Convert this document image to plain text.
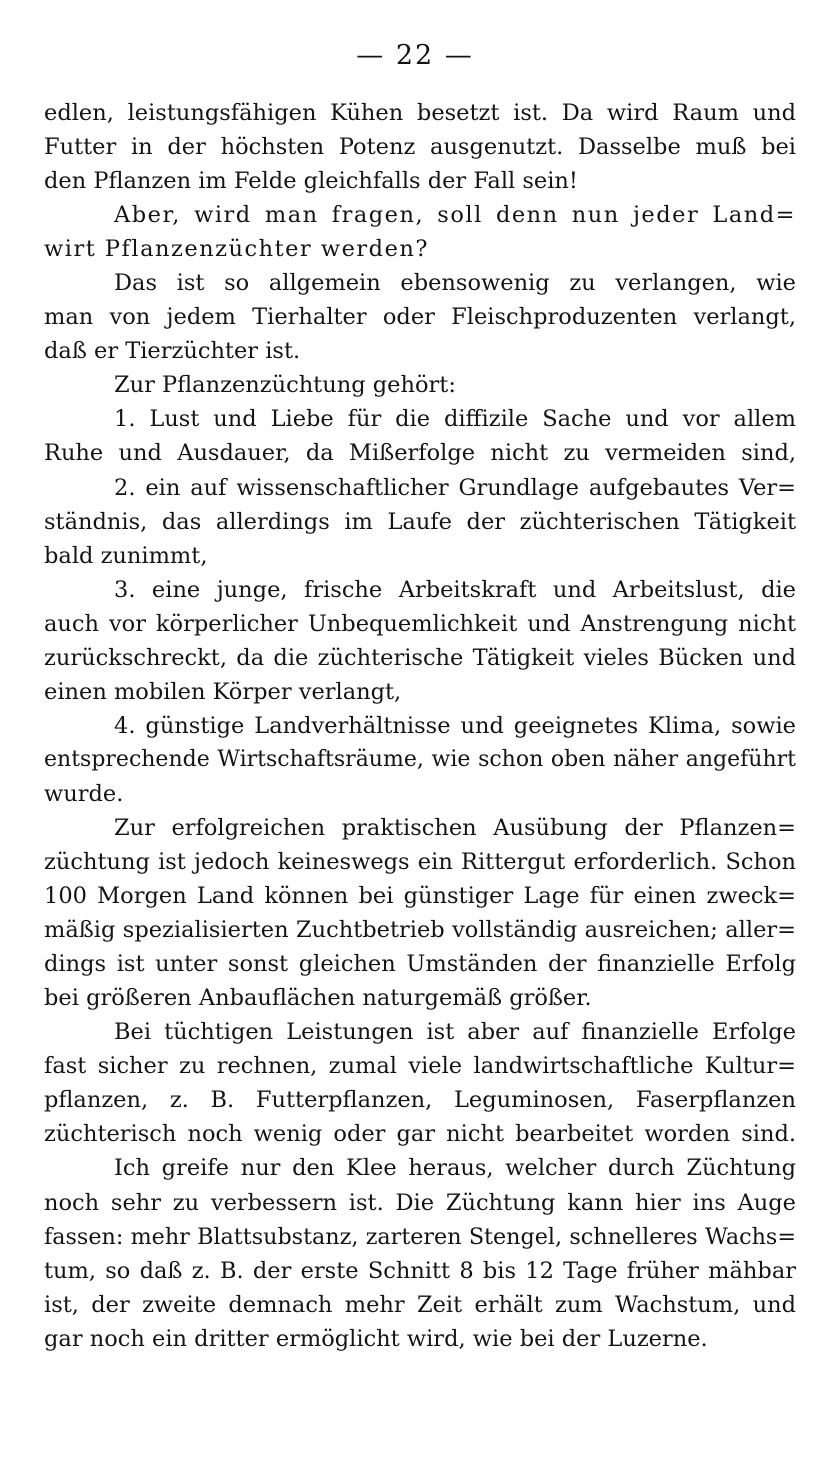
— 22 —
edlen, leistungsfähigen Kühen besetzt ist. Da wird Raum und
Futter in der höchsten Potenz ausgenutzt. Dasselbe muß bei
den Pflanzen im Felde gleichfalls der Fall sein!
Aber, wird man fragen, soll denn nun jeder Land=
wirt Pflanzenzüchter werden?
Das ist so allgemein ebensowenig zu verlangen, wie
man von jedem Tierhalter oder Fleischproduzenten verlangt,
daß er Tierzüchter ist.
Zur Pflanzenzüchtung gehört:
1. Lust und Liebe für die diffizile Sache und vor allem
Ruhe und Ausdauer, da Mißerfolge nicht zu vermeiden sind,
2. ein auf wissenschaftlicher Grundlage aufgebautes Ver=
ständnis, das allerdings im Laufe der züchterischen Tätigkeit
bald zunimmt,
3. eine junge, frische Arbeitskraft und Arbeitslust, die
auch vor körperlicher Unbequemlichkeit und Anstrengung nicht
zurückschreckt, da die züchterische Tätigkeit vieles Bücken und
einen mobilen Körper verlangt,
4. günstige Landverhältnisse und geeignetes Klima, sowie
entsprechende Wirtschaftsräume, wie schon oben näher angeführt
wurde.
Zur erfolgreichen praktischen Ausübung der Pflanzen=
züchtung ist jedoch keineswegs ein Rittergut erforderlich. Schon
100 Morgen Land können bei günstiger Lage für einen zweck=
mäßig spezialisierten Zuchtbetrieb vollständig ausreichen; aller=
dings ist unter sonst gleichen Umständen der finanzielle Erfolg
bei größeren Anbauflächen naturgemäß größer.
Bei tüchtigen Leistungen ist aber auf finanzielle Erfolge
fast sicher zu rechnen, zumal viele landwirtschaftliche Kultur=
pflanzen, z. B. Futterpflanzen, Leguminosen, Faserpflanzen
züchterisch noch wenig oder gar nicht bearbeitet worden sind.
Ich greife nur den Klee heraus, welcher durch Züchtung
noch sehr zu verbessern ist. Die Züchtung kann hier ins Auge
fassen: mehr Blattsubstanz, zarteren Stengel, schnelleres Wachs=
tum, so daß z. B. der erste Schnitt 8 bis 12 Tage früher mähbar
ist, der zweite demnach mehr Zeit erhält zum Wachstum, und
gar noch ein dritter ermöglicht wird, wie bei der Luzerne.
